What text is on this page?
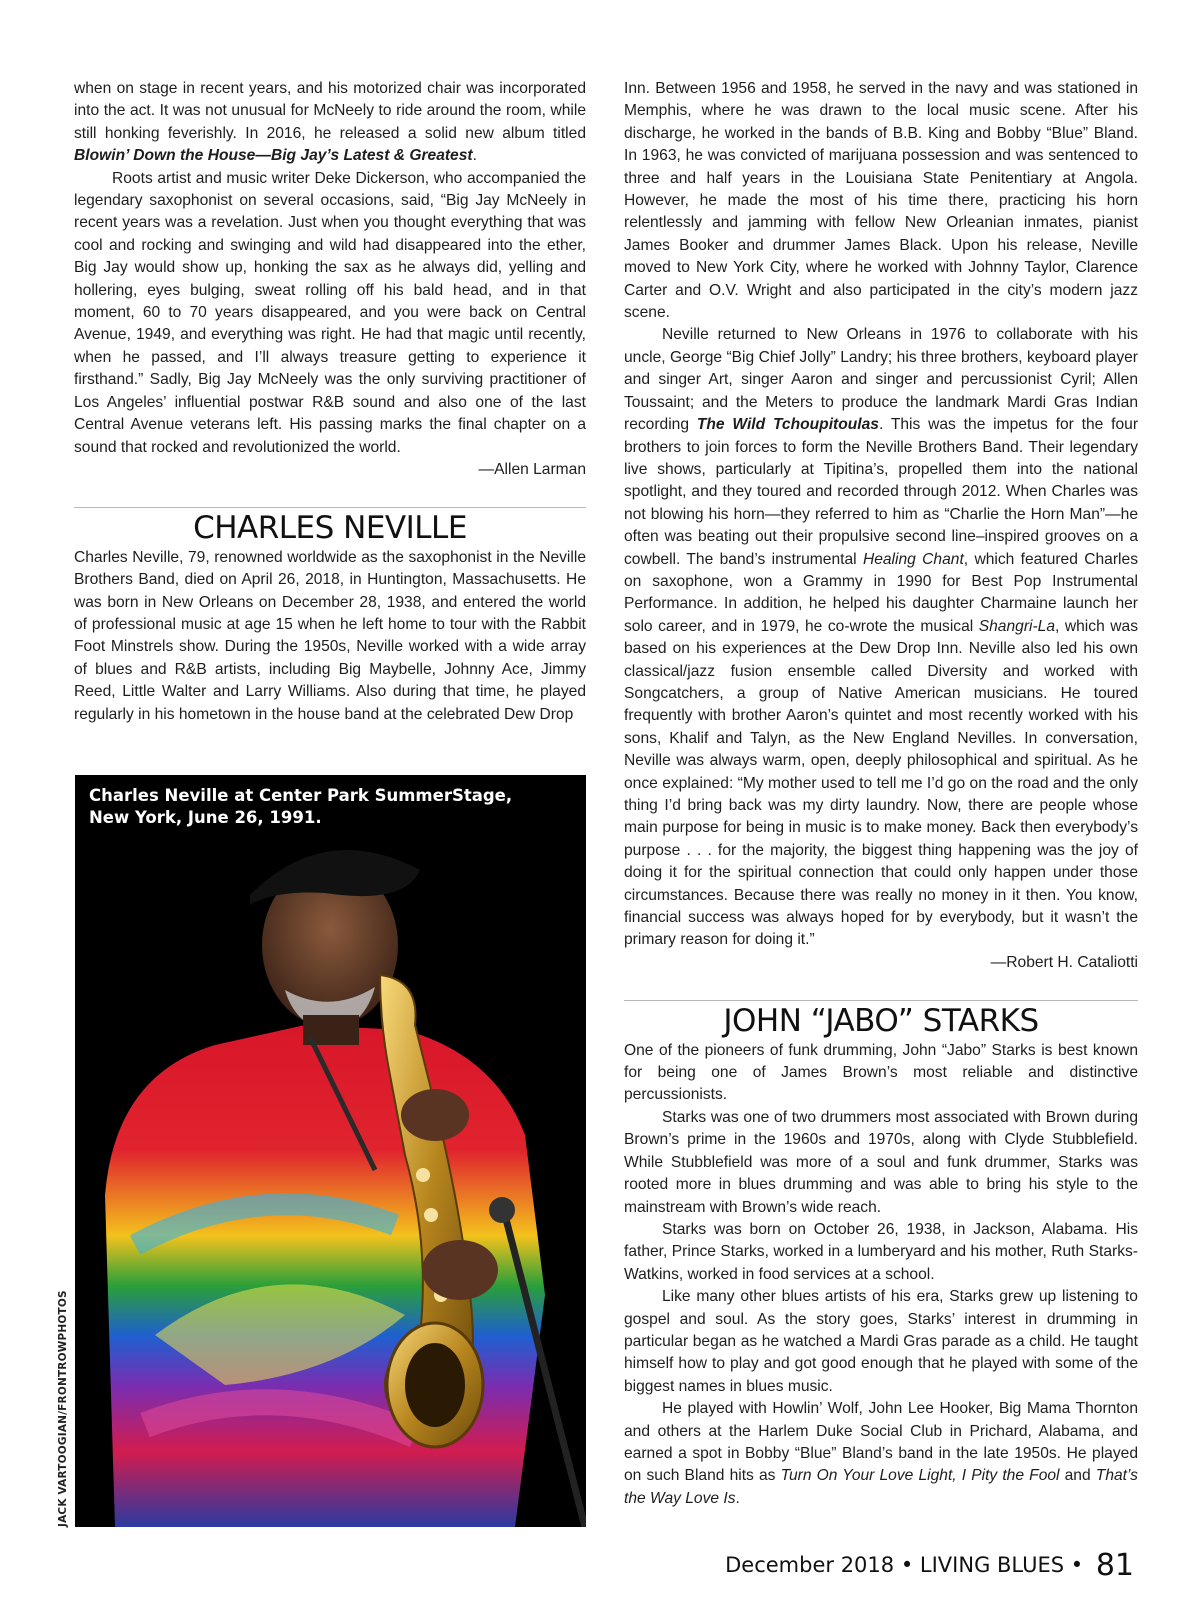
when on stage in recent years, and his motorized chair was incorporated into the act. It was not unusual for McNeely to ride around the room, while still honking feverishly. In 2016, he released a solid new album titled Blowin’ Down the House—Big Jay’s Latest & Greatest.

Roots artist and music writer Deke Dickerson, who accompanied the legendary saxophonist on several occasions, said, “Big Jay McNeely in recent years was a revelation. Just when you thought everything that was cool and rocking and swinging and wild had disappeared into the ether, Big Jay would show up, honking the sax as he always did, yelling and hollering, eyes bulging, sweat rolling off his bald head, and in that moment, 60 to 70 years disappeared, and you were back on Central Avenue, 1949, and everything was right. He had that magic until recently, when he passed, and I’ll always treasure getting to experience it firsthand.” Sadly, Big Jay McNeely was the only surviving practitioner of Los Angeles’ influential postwar R&B sound and also one of the last Central Avenue veterans left. His passing marks the final chapter on a sound that rocked and revolutionized the world.

—Allen Larman

CHARLES NEVILLE

Charles Neville, 79, renowned worldwide as the saxophonist in the Neville Brothers Band, died on April 26, 2018, in Huntington, Massachusetts. He was born in New Orleans on December 28, 1938, and entered the world of professional music at age 15 when he left home to tour with the Rabbit Foot Minstrels show. During the 1950s, Neville worked with a wide array of blues and R&B artists, including Big Maybelle, Johnny Ace, Jimmy Reed, Little Walter and Larry Williams. Also during that time, he played regularly in his hometown in the house band at the celebrated Dew Drop

Charles Neville at Center Park SummerStage, New York, June 26, 1991.
JACK VARTOOGIAN/FRONTROWPHOTOS

Inn. Between 1956 and 1958, he served in the navy and was stationed in Memphis, where he was drawn to the local music scene. After his discharge, he worked in the bands of B.B. King and Bobby “Blue” Bland. In 1963, he was convicted of marijuana possession and was sentenced to three and half years in the Louisiana State Penitentiary at Angola. However, he made the most of his time there, practicing his horn relentlessly and jamming with fellow New Orleanian inmates, pianist James Booker and drummer James Black. Upon his release, Neville moved to New York City, where he worked with Johnny Taylor, Clarence Carter and O.V. Wright and also participated in the city’s modern jazz scene.

Neville returned to New Orleans in 1976 to collaborate with his uncle, George “Big Chief Jolly” Landry; his three brothers, keyboard player and singer Art, singer Aaron and singer and percussionist Cyril; Allen Toussaint; and the Meters to produce the landmark Mardi Gras Indian recording The Wild Tchoupitoulas. This was the impetus for the four brothers to join forces to form the Neville Brothers Band. Their legendary live shows, particularly at Tipitina’s, propelled them into the national spotlight, and they toured and recorded through 2012. When Charles was not blowing his horn—they referred to him as “Charlie the Horn Man”—he often was beating out their propulsive second line–inspired grooves on a cowbell. The band’s instrumental Healing Chant, which featured Charles on saxophone, won a Grammy in 1990 for Best Pop Instrumental Performance. In addition, he helped his daughter Charmaine launch her solo career, and in 1979, he co-wrote the musical Shangri-La, which was based on his experiences at the Dew Drop Inn. Neville also led his own classical/jazz fusion ensemble called Diversity and worked with Songcatchers, a group of Native American musicians. He toured frequently with brother Aaron’s quintet and most recently worked with his sons, Khalif and Talyn, as the New England Nevilles. In conversation, Neville was always warm, open, deeply philosophical and spiritual. As he once explained: “My mother used to tell me I’d go on the road and the only thing I’d bring back was my dirty laundry. Now, there are people whose main purpose for being in music is to make money. Back then everybody’s purpose . . . for the majority, the biggest thing happening was the joy of doing it for the spiritual connection that could only happen under those circumstances. Because there was really no money in it then. You know, financial success was always hoped for by everybody, but it wasn’t the primary reason for doing it.”

—Robert H. Cataliotti

JOHN “JABO” STARKS

One of the pioneers of funk drumming, John “Jabo” Starks is best known for being one of James Brown’s most reliable and distinctive percussionists.

Starks was one of two drummers most associated with Brown during Brown’s prime in the 1960s and 1970s, along with Clyde Stubblefield. While Stubblefield was more of a soul and funk drummer, Starks was rooted more in blues drumming and was able to bring his style to the mainstream with Brown’s wide reach.

Starks was born on October 26, 1938, in Jackson, Alabama. His father, Prince Starks, worked in a lumberyard and his mother, Ruth Starks-Watkins, worked in food services at a school.

Like many other blues artists of his era, Starks grew up listening to gospel and soul. As the story goes, Starks’ interest in drumming in particular began as he watched a Mardi Gras parade as a child. He taught himself how to play and got good enough that he played with some of the biggest names in blues music.

He played with Howlin’ Wolf, John Lee Hooker, Big Mama Thornton and others at the Harlem Duke Social Club in Prichard, Alabama, and earned a spot in Bobby “Blue” Bland’s band in the late 1950s. He played on such Bland hits as Turn On Your Love Light, I Pity the Fool and That’s the Way Love Is.

December 2018 • LIVING BLUES • 81
